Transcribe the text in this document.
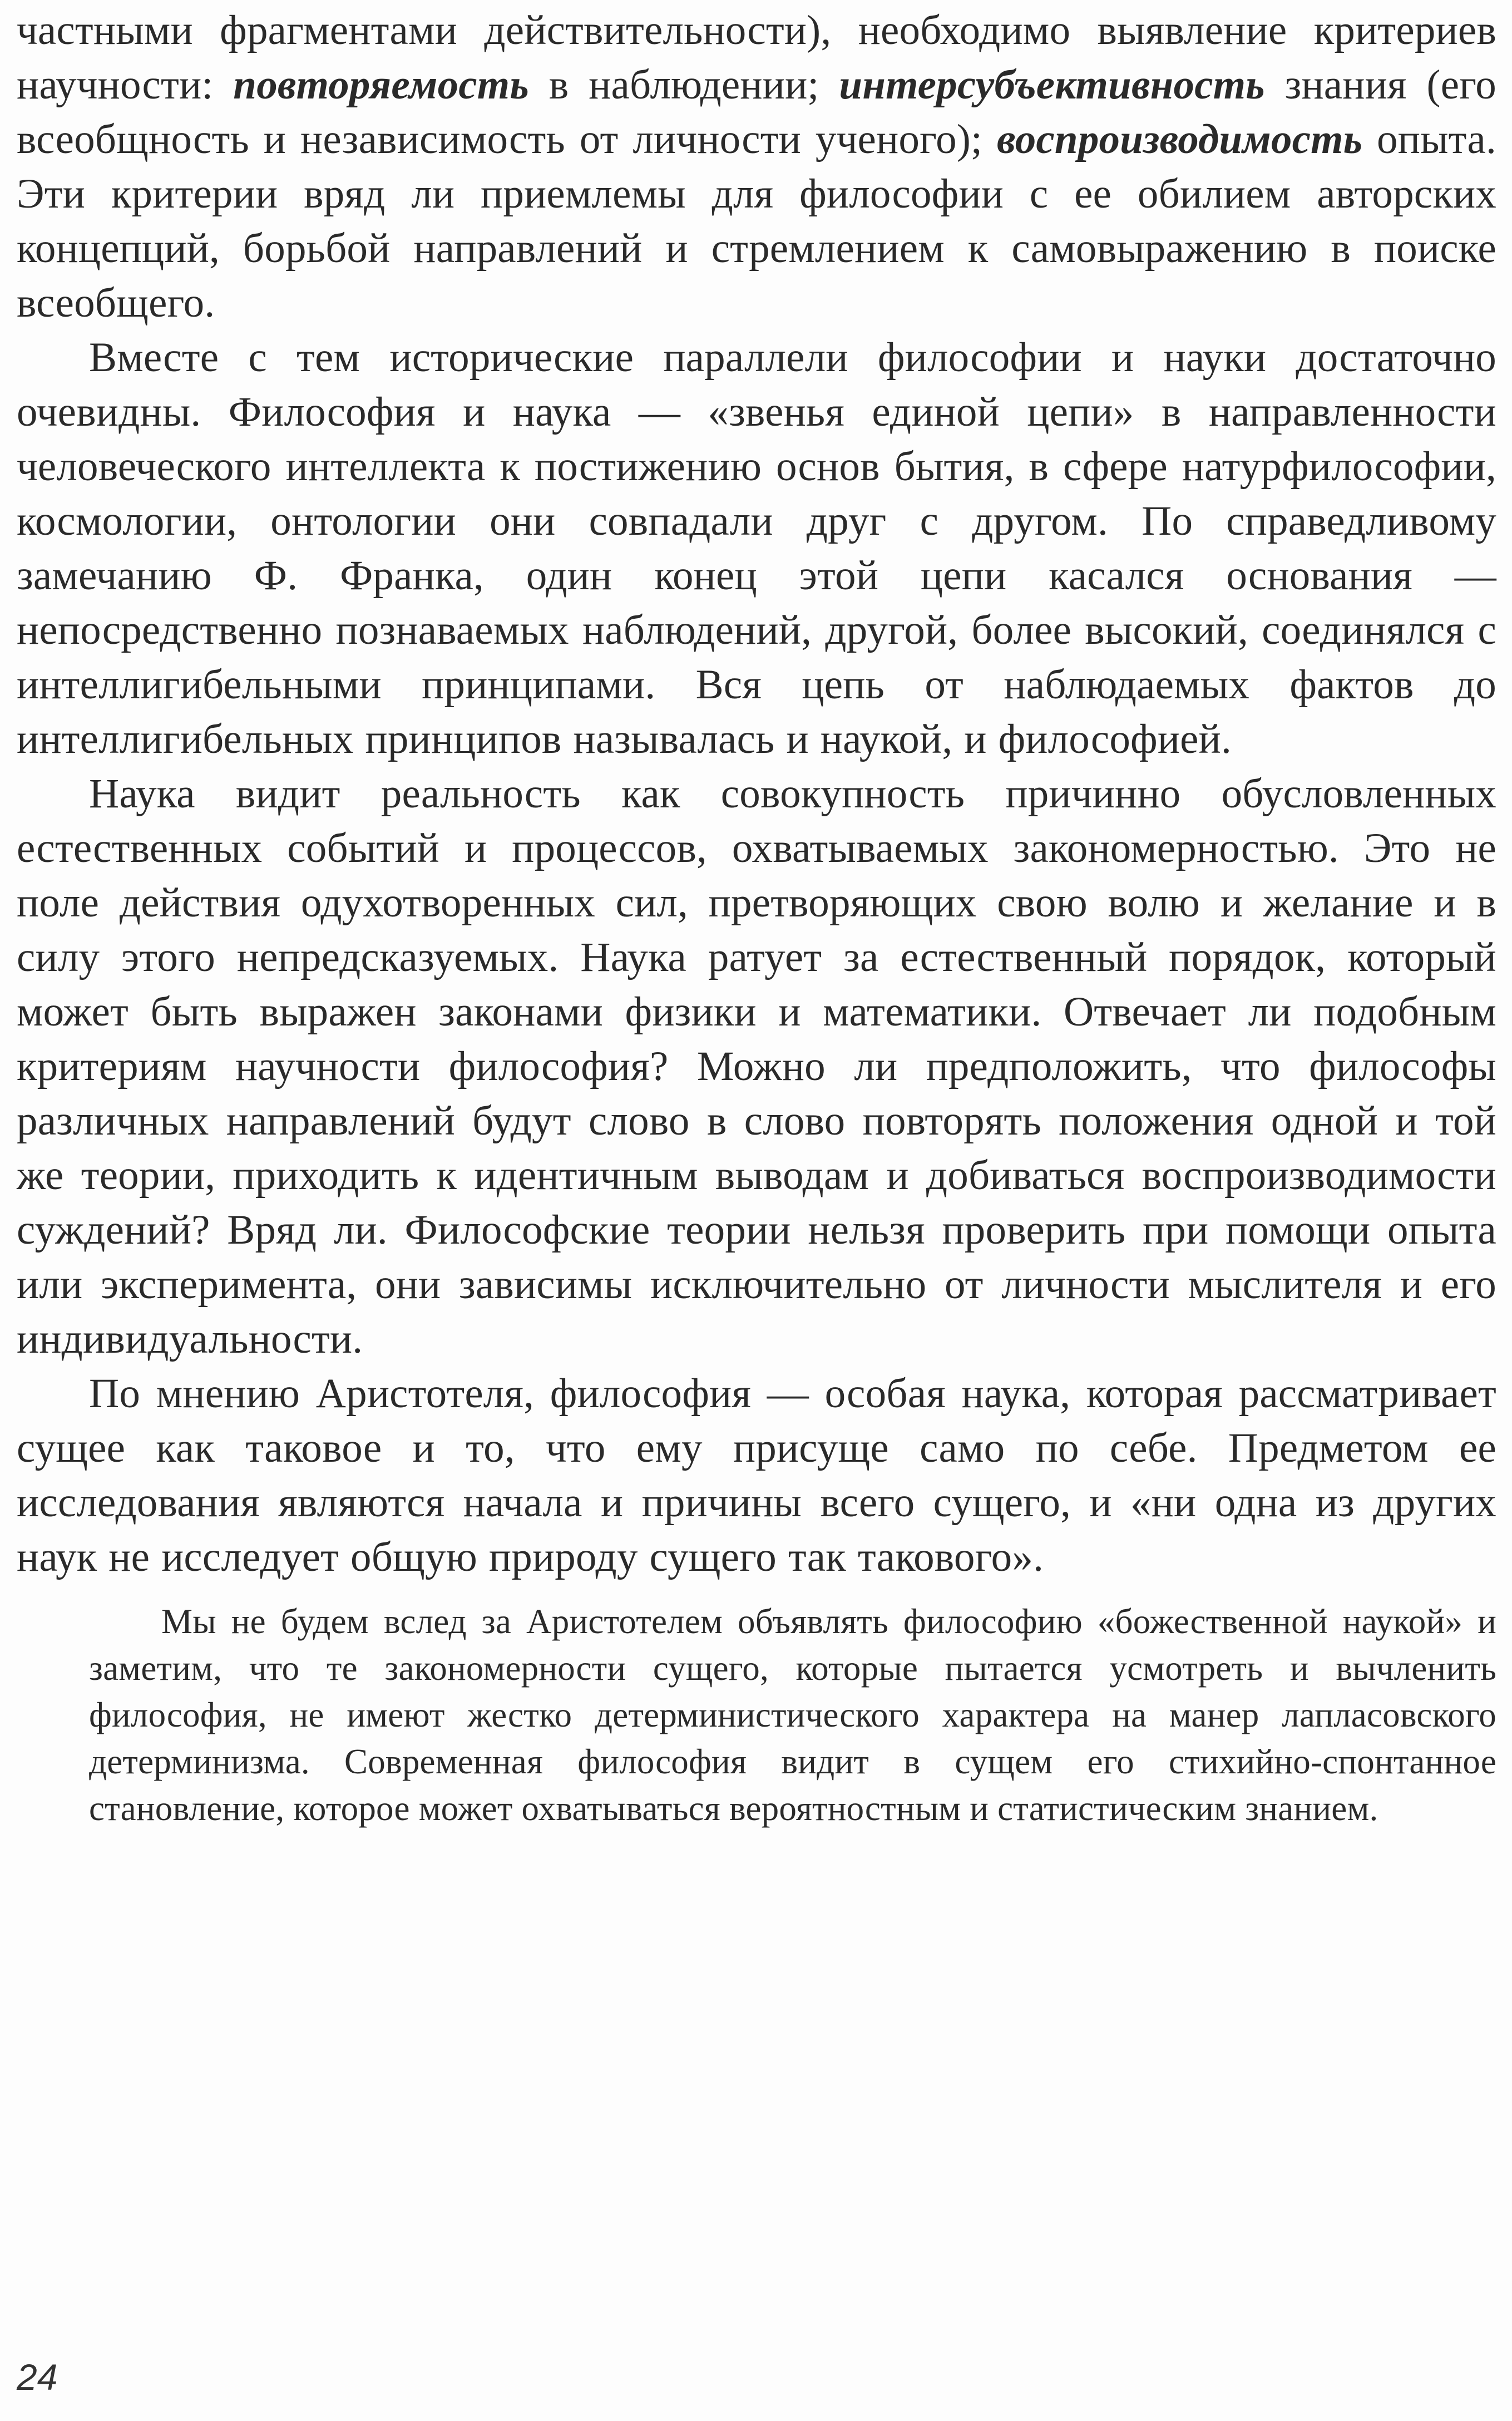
частными фрагментами действительности), необходимо выявление критериев научности: повторяемость в наблюдении; интерсубъективность знания (его всеобщность и независимость от личности ученого); воспроизводимость опыта. Эти критерии вряд ли приемлемы для философии с ее обилием авторских концепций, борьбой направлений и стремлением к самовыражению в поиске всеобщего.

Вместе с тем исторические параллели философии и науки достаточно очевидны. Философия и наука — «звенья единой цепи» в направленности человеческого интеллекта к постижению основ бытия, в сфере натурфилософии, космологии, онтологии они совпадали друг с другом. По справедливому замечанию Ф. Франка, один конец этой цепи касался основания — непосредственно познаваемых наблюдений, другой, более высокий, соединялся с интеллигибельными принципами. Вся цепь от наблюдаемых фактов до интеллигибельных принципов называлась и наукой, и философией.

Наука видит реальность как совокупность причинно обусловленных естественных событий и процессов, охватываемых закономерностью. Это не поле действия одухотворенных сил, претворяющих свою волю и желание и в силу этого непредсказуемых. Наука ратует за естественный порядок, который может быть выражен законами физики и математики. Отвечает ли подобным критериям научности философия? Можно ли предположить, что философы различных направлений будут слово в слово повторять положения одной и той же теории, приходить к идентичным выводам и добиваться воспроизводимости суждений? Вряд ли. Философские теории нельзя проверить при помощи опыта или эксперимента, они зависимы исключительно от личности мыслителя и его индивидуальности.

По мнению Аристотеля, философия — особая наука, которая рассматривает сущее как таковое и то, что ему присуще само по себе. Предметом ее исследования являются начала и причины всего сущего, и «ни одна из других наук не исследует общую природу сущего так такового».

Мы не будем вслед за Аристотелем объявлять философию «божественной наукой» и заметим, что те закономерности сущего, которые пытается усмотреть и вычленить философия, не имеют жестко детерминистического характера на манер лапласовского детерминизма. Современная философия видит в сущем его стихийно-спонтанное становление, которое может охватываться вероятностным и статистическим знанием.

24
